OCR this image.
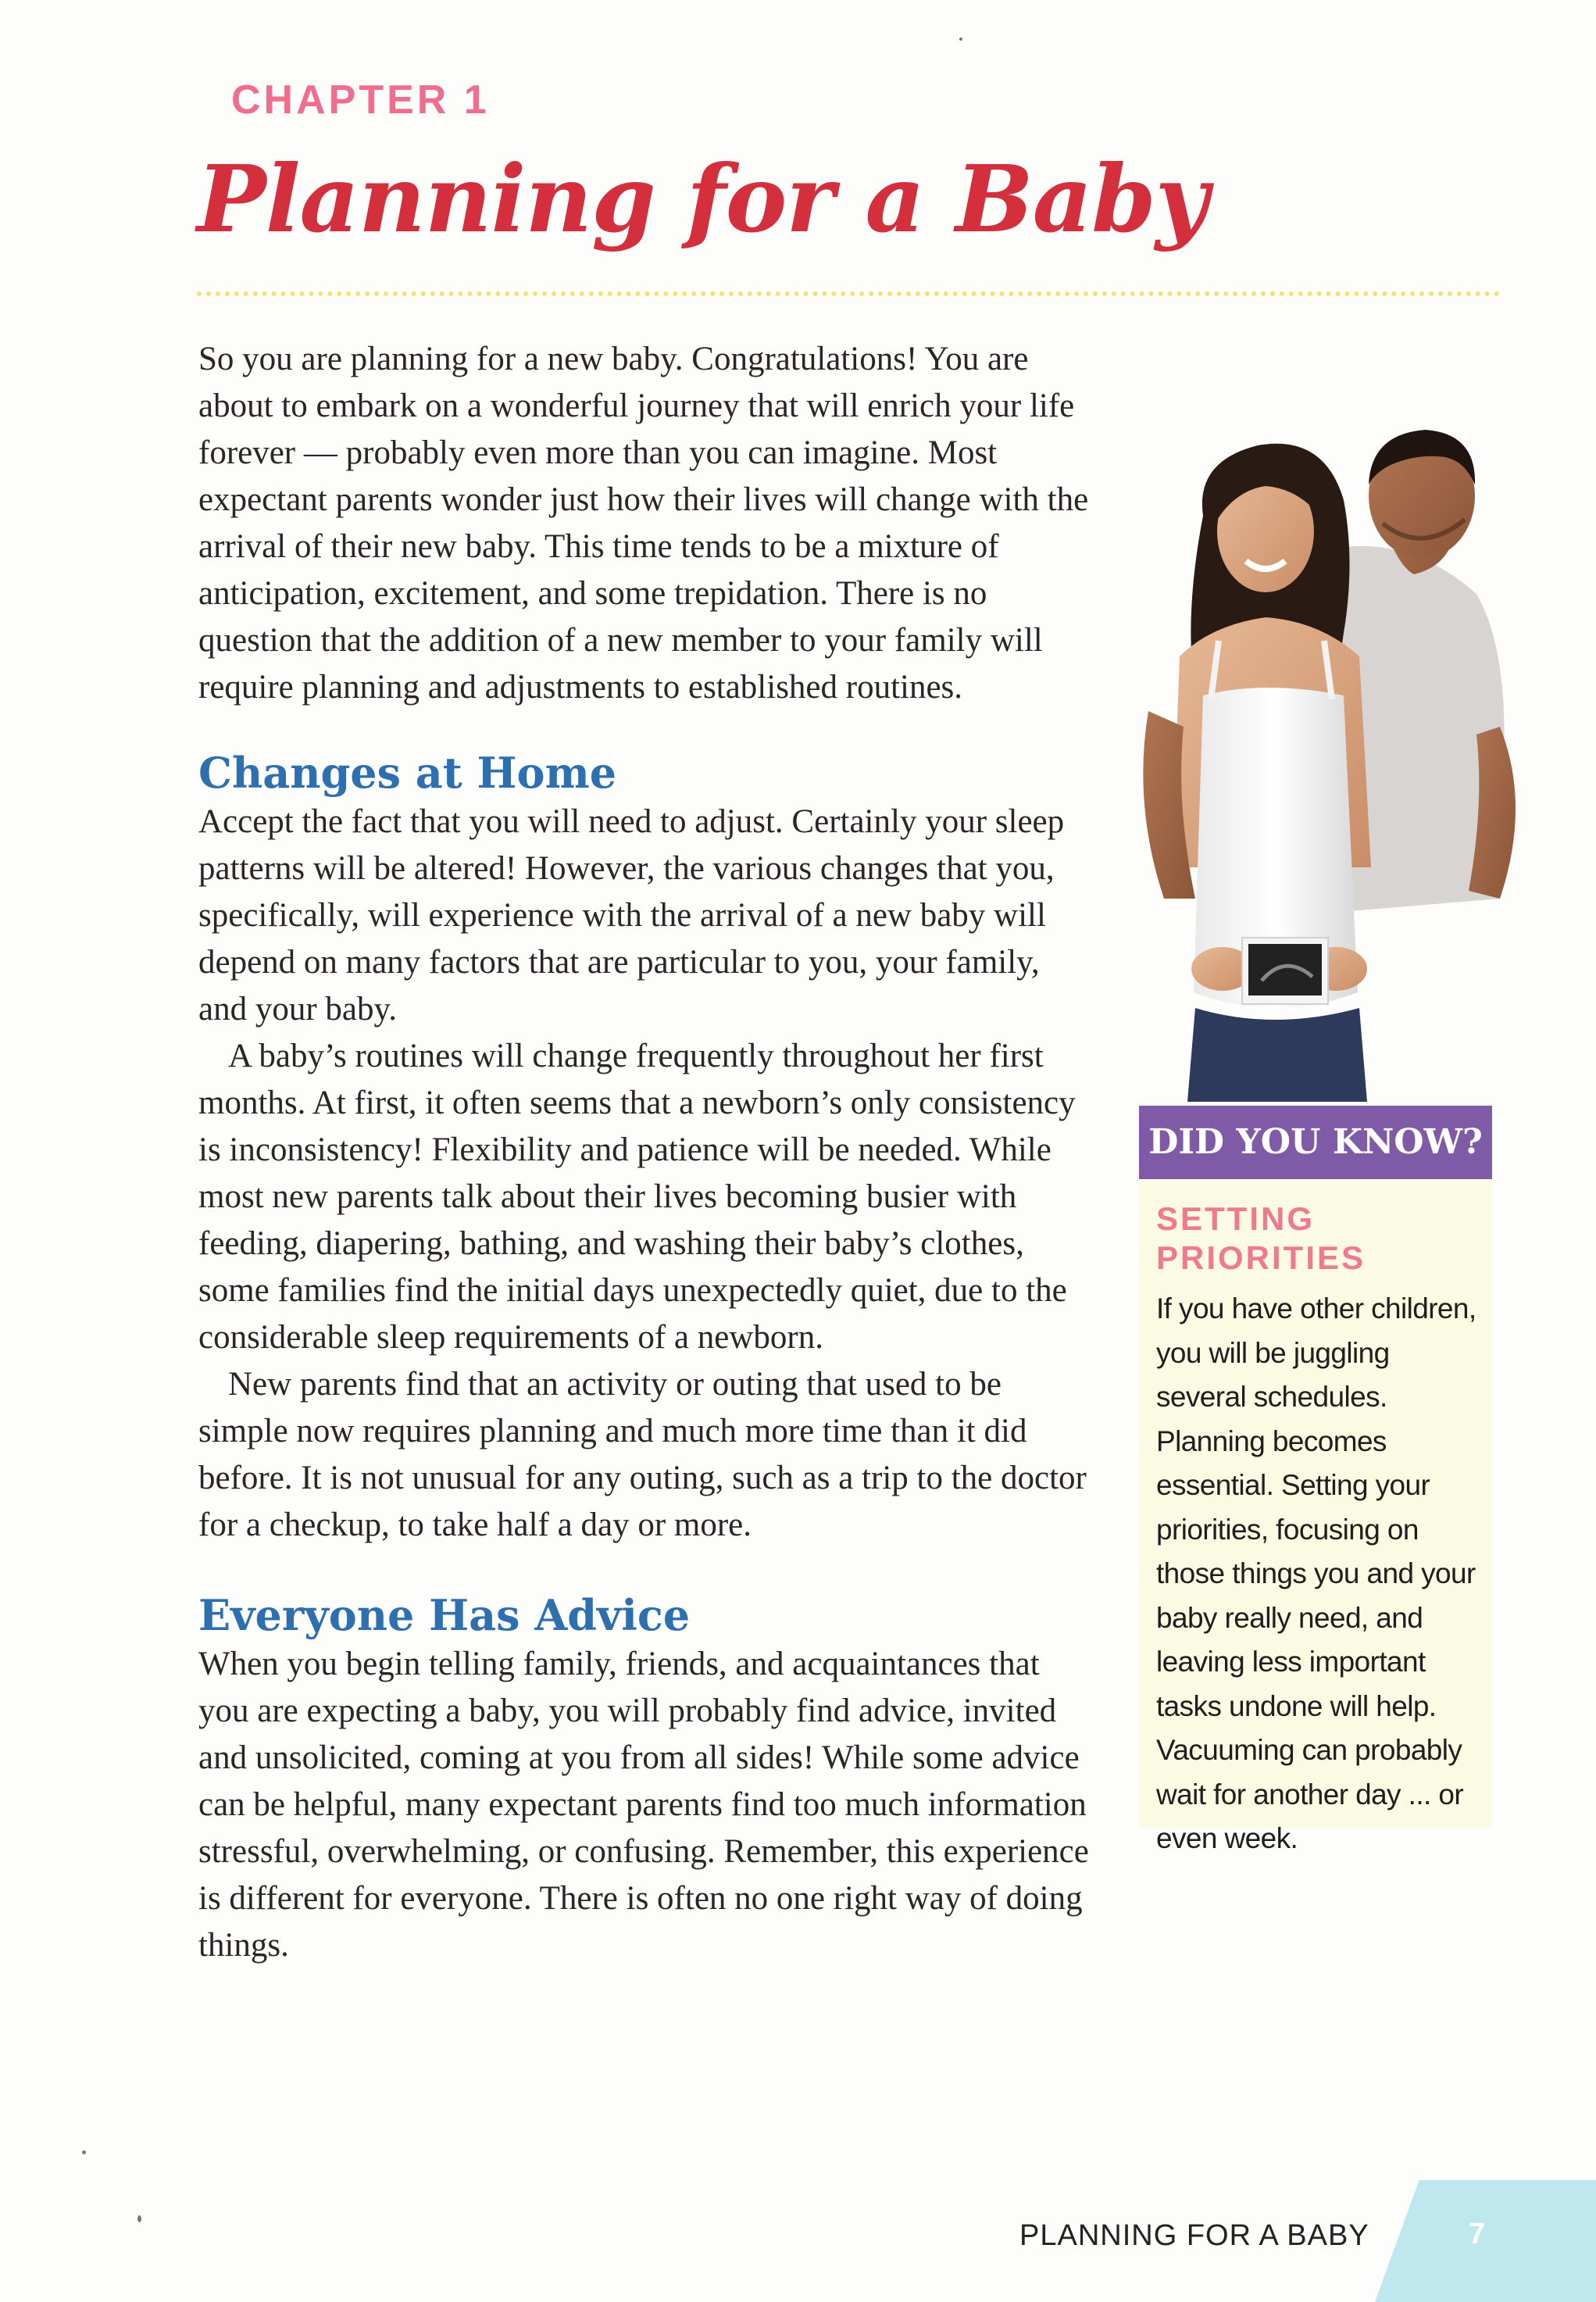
CHAPTER 1
Planning for a Baby

So you are planning for a new baby. Congratulations! You are about to embark on a wonderful journey that will enrich your life forever — probably even more than you can imagine. Most expectant parents wonder just how their lives will change with the arrival of their new baby. This time tends to be a mixture of anticipation, excitement, and some trepidation. There is no question that the addition of a new member to your family will require planning and adjustments to established routines.

Changes at Home

Accept the fact that you will need to adjust. Certainly your sleep patterns will be altered! However, the various changes that you, specifically, will experience with the arrival of a new baby will depend on many factors that are particular to you, your family, and your baby.

A baby’s routines will change frequently throughout her first months. At first, it often seems that a newborn’s only consistency is inconsistency! Flexibility and patience will be needed. While most new parents talk about their lives becoming busier with feeding, diapering, bathing, and washing their baby’s clothes, some families find the initial days unexpectedly quiet, due to the considerable sleep requirements of a newborn.

New parents find that an activity or outing that used to be simple now requires planning and much more time than it did before. It is not unusual for any outing, such as a trip to the doctor for a checkup, to take half a day or more.

Everyone Has Advice

When you begin telling family, friends, and acquaintances that you are expecting a baby, you will probably find advice, invited and unsolicited, coming at you from all sides! While some advice can be helpful, many expectant parents find too much information stressful, overwhelming, or confusing. Remember, this experience is different for everyone. There is often no one right way of doing things.

DID YOU KNOW?

SETTING PRIORITIES

If you have other children, you will be juggling several schedules. Planning becomes essential. Setting your priorities, focusing on those things you and your baby really need, and leaving less important tasks undone will help. Vacuuming can probably wait for another day ... or even week.

PLANNING FOR A BABY	7
